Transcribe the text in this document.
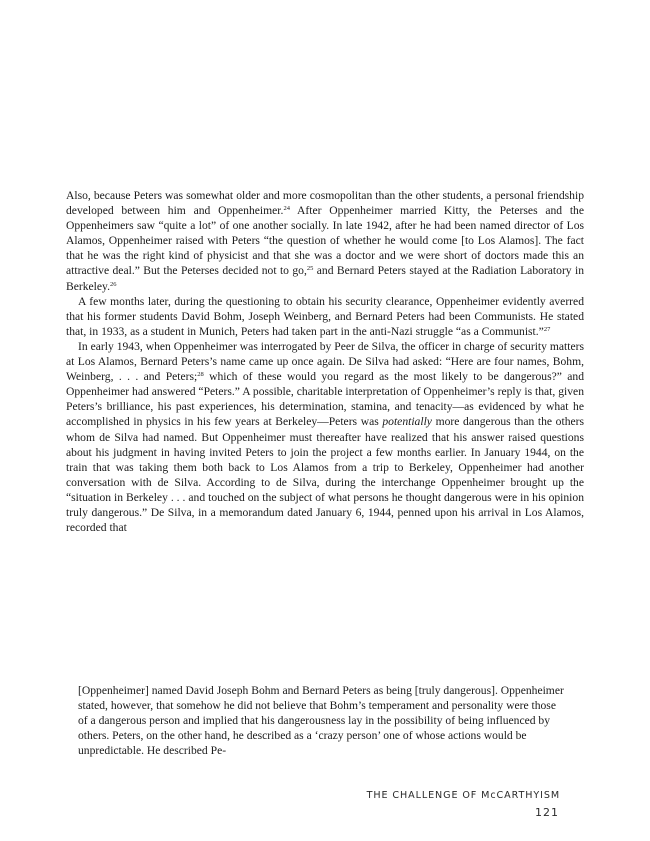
Also, because Peters was somewhat older and more cosmopolitan than the other students, a personal friendship developed between him and Oppenheimer.$^{24}$ After Oppenheimer married Kitty, the Peterses and the Oppenheimers saw “quite a lot” of one another socially. In late 1942, after he had been named director of Los Alamos, Oppenheimer raised with Peters “the question of whether he would come [to Los Alamos]. The fact that he was the right kind of physicist and that she was a doctor and we were short of doctors made this an attractive deal.” But the Peterses decided not to go,$^{25}$ and Bernard Peters stayed at the Radiation Laboratory in Berkeley.$^{26}$

A few months later, during the questioning to obtain his security clearance, Oppenheimer evidently averred that his former students David Bohm, Joseph Weinberg, and Bernard Peters had been Communists. He stated that, in 1933, as a student in Munich, Peters had taken part in the anti-Nazi struggle “as a Communist.”$^{27}$

In early 1943, when Oppenheimer was interrogated by Peer de Silva, the officer in charge of security matters at Los Alamos, Bernard Peters’s name came up once again. De Silva had asked: “Here are four names, Bohm, Weinberg, . . . and Peters;$^{28}$ which of these would you regard as the most likely to be dangerous?” and Oppenheimer had answered “Peters.” A possible, charitable interpretation of Oppenheimer’s reply is that, given Peters’s brilliance, his past experiences, his determination, stamina, and tenacity—as evidenced by what he accomplished in physics in his few years at Berkeley—Peters was potentially more dangerous than the others whom de Silva had named. But Oppenheimer must thereafter have realized that his answer raised questions about his judgment in having invited Peters to join the project a few months earlier. In January 1944, on the train that was taking them both back to Los Alamos from a trip to Berkeley, Oppenheimer had another conversation with de Silva. According to de Silva, during the interchange Oppenheimer brought up the “situation in Berkeley . . . and touched on the subject of what persons he thought dangerous were in his opinion truly dangerous.” De Silva, in a memorandum dated January 6, 1944, penned upon his arrival in Los Alamos, recorded that

[Oppenheimer] named David Joseph Bohm and Bernard Peters as being [truly dangerous]. Oppenheimer stated, however, that somehow he did not believe that Bohm’s temperament and personality were those of a dangerous person and implied that his dangerousness lay in the possibility of being influenced by others. Peters, on the other hand, he described as a ‘crazy person’ one of whose actions would be unpredictable. He described Pe-
THE CHALLENGE OF McCARTHYISM
121
